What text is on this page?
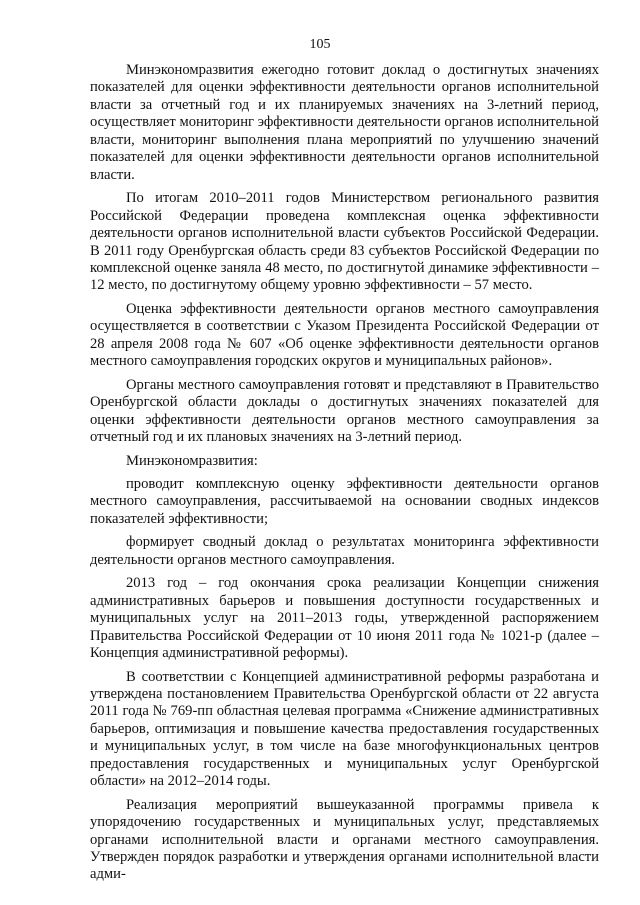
105

Минэкономразвития ежегодно готовит доклад о достигнутых значениях показателей для оценки эффективности деятельности органов исполнительной власти за отчетный год и их планируемых значениях на 3-летний период, осуществляет мониторинг эффективности деятельности органов исполнительной власти, мониторинг выполнения плана мероприятий по улучшению значений показателей для оценки эффективности деятельности органов исполнительной власти.

По итогам 2010–2011 годов Министерством регионального развития Российской Федерации проведена комплексная оценка эффективности деятельности органов исполнительной власти субъектов Российской Федерации. В 2011 году Оренбургская область среди 83 субъектов Российской Федерации по комплексной оценке заняла 48 место, по достигнутой динамике эффективности – 12 место, по достигнутому общему уровню эффективности – 57 место.

Оценка эффективности деятельности органов местного самоуправления осуществляется в соответствии с Указом Президента Российской Федерации от 28 апреля 2008 года № 607 «Об оценке эффективности деятельности органов местного самоуправления городских округов и муниципальных районов».

Органы местного самоуправления готовят и представляют в Правительство Оренбургской области доклады о достигнутых значениях показателей для оценки эффективности деятельности органов местного самоуправления за отчетный год и их плановых значениях на 3-летний период.

Минэкономразвития:

проводит комплексную оценку эффективности деятельности органов местного самоуправления, рассчитываемой на основании сводных индексов показателей эффективности;

формирует сводный доклад о результатах мониторинга эффективности деятельности органов местного самоуправления.

2013 год – год окончания срока реализации Концепции снижения административных барьеров и повышения доступности государственных и муниципальных услуг на 2011–2013 годы, утвержденной распоряжением Правительства Российской Федерации от 10 июня 2011 года № 1021-р (далее – Концепция административной реформы).

В соответствии с Концепцией административной реформы разработана и утверждена постановлением Правительства Оренбургской области от 22 августа 2011 года № 769-пп областная целевая программа «Снижение административных барьеров, оптимизация и повышение качества предоставления государственных и муниципальных услуг, в том числе на базе многофункциональных центров предоставления государственных и муниципальных услуг Оренбургской области» на 2012–2014 годы.

Реализация мероприятий вышеуказанной программы привела к упорядочению государственных и муниципальных услуг, представляемых органами исполнительной власти и органами местного самоуправления. Утвержден порядок разработки и утверждения органами исполнительной власти адми-
